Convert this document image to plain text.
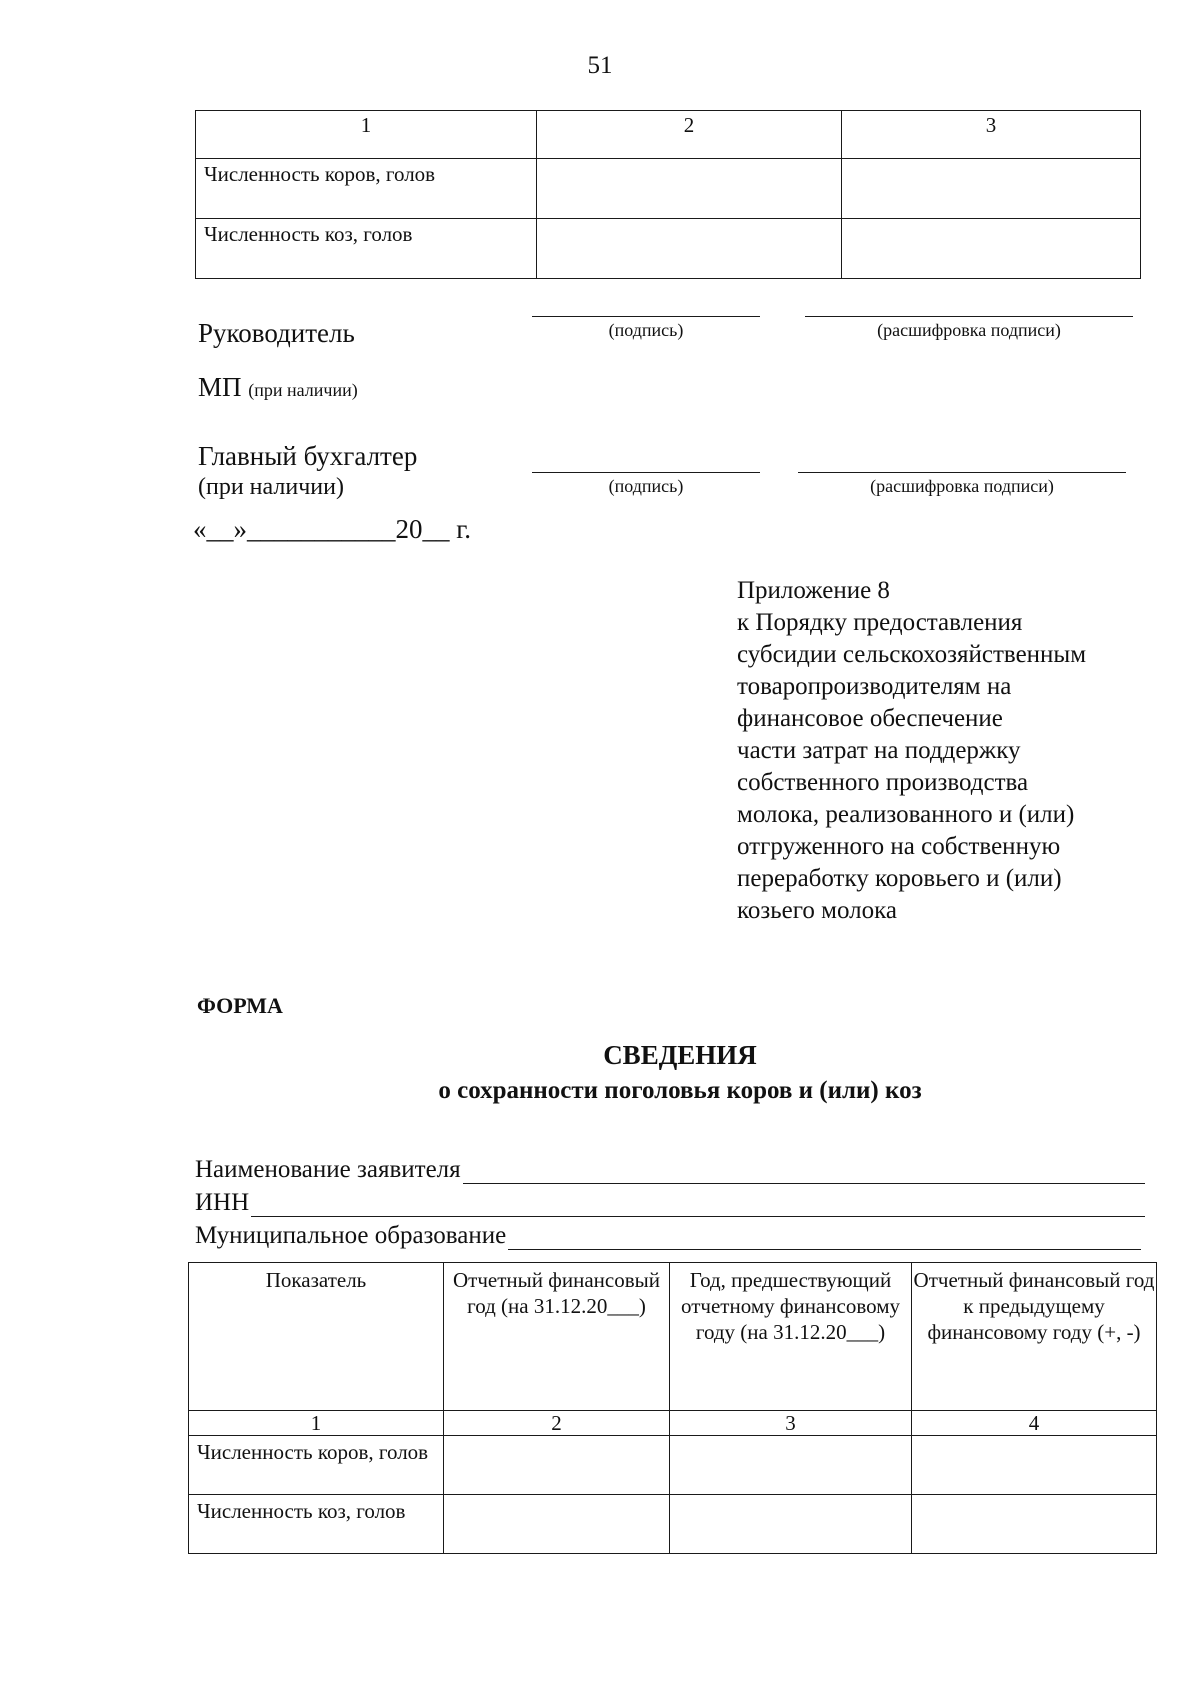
51
1	2	3
Численность коров, голов		
Численность коз, голов		
Руководитель	(подпись)	(расшифровка подписи)
МП (при наличии)
Главный бухгалтер
(при наличии)	(подпись)	(расшифровка подписи)
«__»___________20__ г.
Приложение 8
к Порядку предоставления
субсидии сельскохозяйственным
товаропроизводителям на
финансовое обеспечение
части затрат на поддержку
собственного производства
молока, реализованного и (или)
отгруженного на собственную
переработку коровьего и (или)
козьего молока
ФОРМА
СВЕДЕНИЯ
о сохранности поголовья коров и (или) коз
Наименование заявителя
ИНН
Муниципальное образование
Показатель	Отчетный финансовый год (на 31.12.20___)	Год, предшествующий отчетному финансовому году (на 31.12.20___)	Отчетный финансовый год к предыдущему финансовому году (+, -)
1	2	3	4
Численность коров, голов			
Численность коз, голов			
